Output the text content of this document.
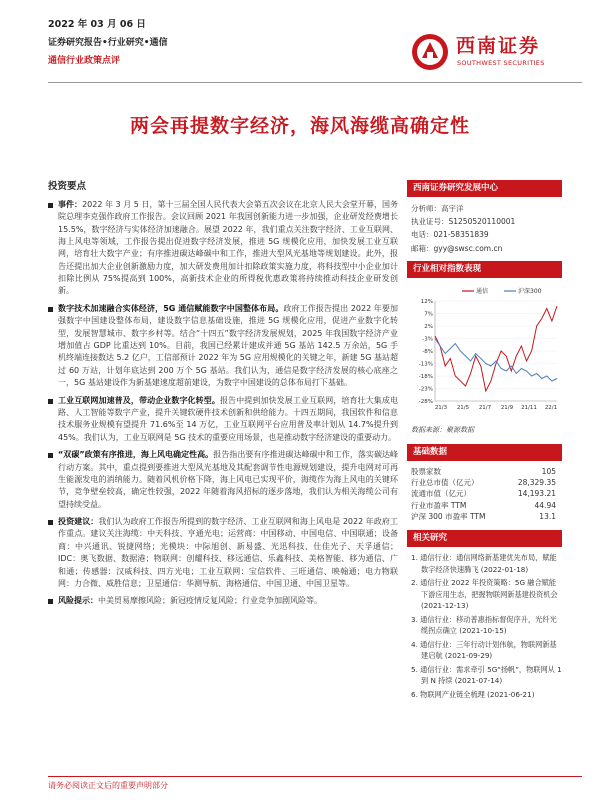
2022 年 03 月 06 日
证券研究报告•行业研究•通信
通信行业政策点评
西南证券
SOUTHWEST SECURITIES
两会再提数字经济，海风海缆高确定性
投资要点
事件：2022 年 3 月 5 日，第十三届全国人民代表大会第五次会议在北京人民大会堂开幕，国务院总理李克强作政府工作报告。会议回顾 2021 年我国创新能力进一步加强，企业研发经费增长 15.5%，数字经济与实体经济加速融合。展望 2022 年，我们重点关注数字经济、工业互联网、海上风电等领域，工作报告提出促进数字经济发展，推进 5G 规模化应用，加快发展工业互联网，培育壮大数字产业；有序推进碳达峰碳中和工作，推进大型风光基地等规划建设。此外，报告还提出加大企业创新激励力度，加大研发费用加计扣除政策实施力度，将科技型中小企业加计扣除比例从 75%提高到 100%，高新技术企业的所得税优惠政策将持续推动科技企业研发创新。
数字技术加速融合实体经济，5G 通信赋能数字中国整体布局。政府工作报告提出 2022 年要加强数字中国建设整体布局，建设数字信息基础设施，推进 5G 规模化应用，促进产业数字化转型，发展智慧城市、数字乡村等。结合“十四五”数字经济发展规划，2025 年我国数字经济产业增加值占 GDP 比重达到 10%。目前，我国已经累计建成并通 5G 基站 142.5 万余站，5G 手机终端连接数达 5.2 亿户，工信部预计 2022 年为 5G 应用规模化的关键之年，新建 5G 基站超过 60 万站，计划年底达到 200 万个 5G 基站。我们认为，通信是数字经济发展的核心底座之一，5G 基站建设作为新基建速度超前建设，为数字中国建设的总体布局打下基础。
工业互联网加速普及，带动企业数字化转型。报告中提到加快发展工业互联网，培育壮大集成电路、人工智能等数字产业，提升关键软硬件技术创新和供给能力。十四五期间，我国软件和信息技术服务业规模有望提升 71.6%至 14 万亿，工业互联网平台应用普及率计划从 14.7%提升到 45%。我们认为，工业互联网是 5G 技术的重要应用场景，也是推动数字经济建设的重要动力。
“双碳”政策有序推进，海上风电确定性高。报告指出要有序推进碳达峰碳中和工作，落实碳达峰行动方案。其中，重点提到要推进大型风光基地及其配套调节性电源规划建设，提升电网对可再生能源发电的消纳能力。随着风机价格下降，海上风电已实现平价，海缆作为海上风电的关键环节，竞争壁垒较高，确定性较强，2022 年随着海风招标的逐步落地，我们认为相关海缆公司有望持续受益。
投资建议：我们认为政府工作报告所提到的数字经济、工业互联网和海上风电是 2022 年政府工作重点。建议关注海缆：中天科技、亨通光电；运营商：中国移动、中国电信、中国联通；设备商：中兴通讯、锐捷网络；光模块：中际旭创、新易盛、光迅科技、仕佳光子、天孚通信；IDC：奥飞数据、数据港；物联网：创耀科技、移远通信、乐鑫科技、美格智能、移为通信、广和通；传感器：汉威科技、四方光电；工业互联网：宝信软件、三旺通信、映翰通；电力物联网：力合微、威胜信息；卫星通信：华测导航、海格通信、中国卫通、中国卫星等。
风险提示：中美贸易摩擦风险；新冠疫情反复风险；行业竞争加剧风险等。
西南证券研究发展中心
分析师：高宇洋
执业证号：S1250520110001
电话：021-58351839
邮箱：gyy@swsc.com.cn
行业相对指数表现
12%
7%
2%
-3%
-8%
-13%
-18%
-23%
-28%
21/3 21/5 21/7 21/9 21/11 22/1
通信	沪深300
数据来源：聚源数据
基础数据
股票家数	105
行业总市值（亿元）	28,329.35
流通市值（亿元）	14,193.21
行业市盈率 TTM	44.94
沪深 300 市盈率 TTM	13.1
相关研究
1. 通信行业：通信网络新基建优先布局，赋能数字经济快速腾飞 (2022-01-18)
2. 通信行业 2022 年投资策略：5G 融合赋能下游应用生态，把握物联网新基建投资机会 (2021-12-13)
3. 通信行业：移动普惠指标督促序升，光纤光缆拐点确立 (2021-10-15)
4. 通信行业：三年行动计划伟航，物联网新基建启航 (2021-09-29)
5. 通信行业：需求牵引 5G“扬帆”，物联网从 1 到 N 持续 (2021-07-14)
6. 物联网产业链全梳理 (2021-06-21)
请务必阅读正文后的重要声明部分
